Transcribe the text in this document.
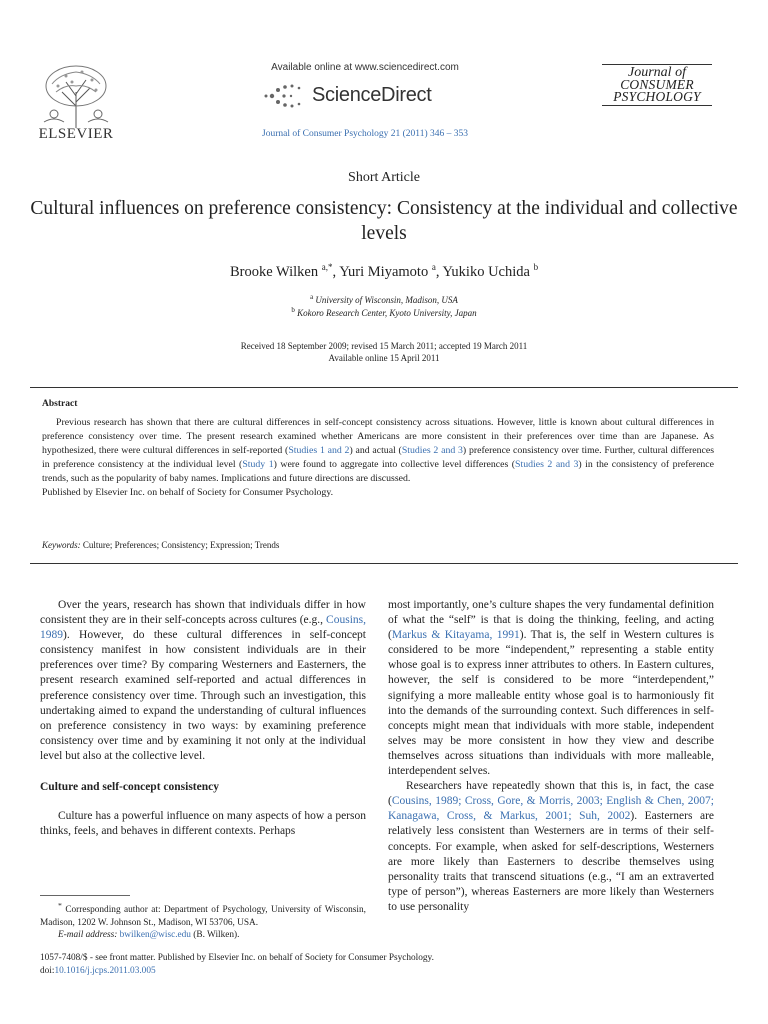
ELSEVIER
Available online at www.sciencedirect.com
ScienceDirect
Journal of Consumer Psychology 21 (2011) 346 – 353
Journal of
CONSUMER
PSYCHOLOGY
Short Article
Cultural influences on preference consistency: Consistency at the individual and collective levels
Brooke Wilken $^{a,*}$, Yuri Miyamoto $^a$, Yukiko Uchida $^b$
$^a$ University of Wisconsin, Madison, USA
$^b$ Kokoro Research Center, Kyoto University, Japan
Received 18 September 2009; revised 15 March 2011; accepted 19 March 2011
Available online 15 April 2011
Abstract

Previous research has shown that there are cultural differences in self-concept consistency across situations. However, little is known about cultural differences in preference consistency over time. The present research examined whether Americans are more consistent in their preferences over time than are Japanese. As hypothesized, there were cultural differences in self-reported (Studies 1 and 2) and actual (Studies 2 and 3) preference consistency over time. Further, cultural differences in preference consistency at the individual level (Study 1) were found to aggregate into collective level differences (Studies 2 and 3) in the consistency of preference trends, such as the popularity of baby names. Implications and future directions are discussed.

Published by Elsevier Inc. on behalf of Society for Consumer Psychology.

Keywords: Culture; Preferences; Consistency; Expression; Trends

Over the years, research has shown that individuals differ in how consistent they are in their self-concepts across cultures (e.g., Cousins, 1989). However, do these cultural differences in self-concept consistency manifest in how consistent individuals are in their preferences over time? By comparing Westerners and Easterners, the present research examined self-reported and actual differences in preference consistency over time. Through such an investigation, this undertaking aimed to expand the understanding of cultural influences on preference consistency in two ways: by examining preference consistency over time and by examining it not only at the individual level but also at the collective level.

Culture and self-concept consistency

Culture has a powerful influence on many aspects of how a person thinks, feels, and behaves in different contexts. Perhaps

most importantly, one’s culture shapes the very fundamental definition of what the “self” is that is doing the thinking, feeling, and acting (Markus & Kitayama, 1991). That is, the self in Western cultures is considered to be more “independent,” representing a stable entity whose goal is to express inner attributes to others. In Eastern cultures, however, the self is considered to be more “interdependent,” signifying a more malleable entity whose goal is to harmoniously fit into the demands of the surrounding context. Such differences in self-concepts might mean that individuals with more stable, independent selves may be more consistent in how they view and describe themselves across situations than individuals with more malleable, interdependent selves.

Researchers have repeatedly shown that this is, in fact, the case (Cousins, 1989; Cross, Gore, & Morris, 2003; English & Chen, 2007; Kanagawa, Cross, & Markus, 2001; Suh, 2002). Easterners are relatively less consistent than Westerners are in terms of their self-concepts. For example, when asked for self-descriptions, Westerners are more likely than Easterners to describe themselves using personality traits that transcend situations (e.g., “I am an extraverted type of person”), whereas Easterners are more likely than Westerners to use personality

* Corresponding author at: Department of Psychology, University of Wisconsin, Madison, 1202 W. Johnson St., Madison, WI 53706, USA.

E-mail address: bwilken@wisc.edu (B. Wilken).

1057-7408/$ - see front matter. Published by Elsevier Inc. on behalf of Society for Consumer Psychology.
doi:10.1016/j.jcps.2011.03.005
